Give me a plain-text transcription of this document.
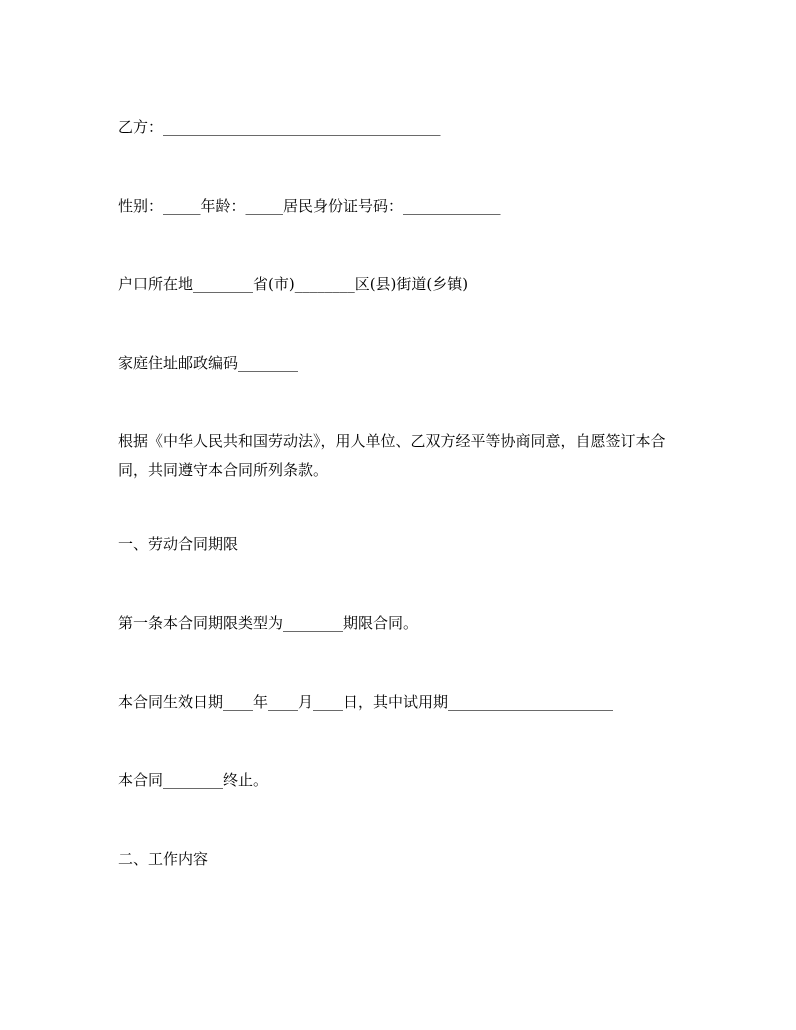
乙方：_____________________________________
性别：_____年龄：_____居民身份证号码：_____________
户口所在地________省(市)________区(县)街道(乡镇)
家庭住址邮政编码________
根据《中华人民共和国劳动法》，用人单位、乙双方经平等协商同意，自愿签订本合同，共同遵守本合同所列条款。
一、劳动合同期限
第一条本合同期限类型为________期限合同。
本合同生效日期____年____月____日，其中试用期______________________
本合同________终止。
二、工作内容
